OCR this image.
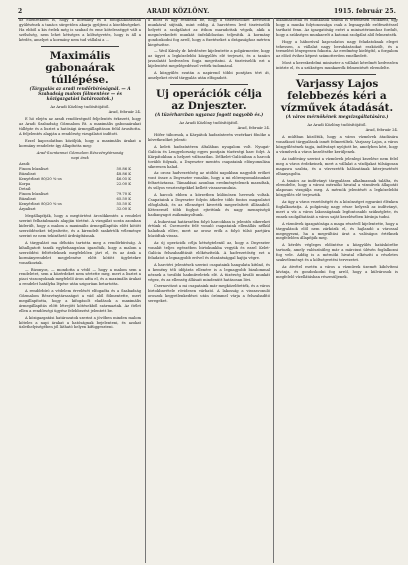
2	ARADI KÖZLÖNY.	1915. február 25.

az ellenrekben is, hogy a kormány és a főfoglalkozásúak gyűlésének a tanács sürgetően akarja gyűjteni a kisebbségeket. Ha ebből a kis érdek még is szabad és eme kötelességgé vált a szélsőség, nem lehet kétséges a költségvetés, hogy is áll a kérdés, amelyet a kormány nem tud vállalni a ...

Maximális gabonaárak túllépése.
(Tárgyalás az aradi rendőrbíróságnál. — A Szabadság malom fölmentése — és közigazgatási határozatok.)
Az Aradi Közlöny tudósítójától.
Arad, február 24.

E hó elején az aradi rendőrségnél feljelentés érkezett, hogy az Aradi Szabadság Gőzmalom Rt. a maximális gabonaárakat túllépte és a lisztet a hatósági ármegállapításon felül árusította. A feljelentés alapján a rendőrség vizsgálatot indított.

Ezzel kapcsolatban közöljük, hogy a maximális árakat a kormány rendelete így állapította meg:

Arad-Szentannai Gőzmalom Részvénytársaság
napi árak
Aradi:	
Finom búzaliszt	50.86 K
Búzaliszt	48.86 K
Kenyérliszt 80/20 %-os	46.05 K
Korpa	22.00 K
Detail:	
Finom búzaliszt	79.70 K
Búzaliszt	65.50 K
Kenyérliszt 80/20 %-os	55.50 K
Árpaliszt	32.00 K

Megállapítják, hogy a megtörtént árcsökkentés a rendelet szerint felhatalmazás alapján történt. A vizsgálat során azonban kiderült, hogy a malom a maximális ármegállapítás előtt kötött szerződéseket teljesítette, és a kirendelt szakértők véleménye szerint ez nem tekinthető árdrágításnak.

A tárgyalást ma délután tartotta meg a rendőrbíróság. A kihallgatott tanúk egybehangzóan igazolták, hogy a malom a szerződési feltételeknek megfelelően járt el, és az árak a kormányrendelet megjelenése előtt kötött ügyletekre vonatkoztak.

— Bizonyos, — mondotta a védő — hogy a malom sem a rendeletet, sem a közérdeket nem sértette meg, mert a lisztet a piaci viszonyoknak megfelelő áron adta el, és a maximális árakat a rendelet hatályba lépése után szigorúan betartotta.

A rendőrbíró a védelem érvelését elfogadta és a Szabadság Gőzmalom Részvénytársaságot a vád alól fölmentette, mert megállapította, hogy a kifogásolt eladások a maximális ármegállapítás előtt létrejött kötésekből származtak. Az ítélet ellen a rendőrségi ügyész felebbezést jelentett be.

A közigazgatási határozatok szerint a jövőben minden malom köteles a napi árakat a hatóságnak bejelenteni, és azokat üzlethelyiségében jól látható helyen kifüggeszteni.

a most is úgy rendezik be, hogy a tisztviselőket kevesebb munkával sújtsák, mint eddig. A harctéren levő tisztviselők helyett a szolgálatot az itthon maradottak végzik, akik a megnövekedett munkát önfeláldozóan teljesítik. A kormány gondoskodni fog arról, hogy a fizetéseket a drágasághoz mérten kiegészítse.

— Weil Károly dr. kérdésére kijelentette a polgármester, hogy az ügyet a legközelebbi közgyűlés elé terjeszti, és a tanács javaslatát kedvezően fogja megvitatni. A tisztviselők ezt a kijelentést megelégedéssel vették tudomásul.

A közgyűlés ezután a napirend többi pontjára tért át, amelyeket rövid tárgyalás után elfogadott.

Uj operációk célja az Dnjeszter.
(A tüzérharcban ugyanaz fogott nagyobb és.)
Az Aradi Közlöny tudósítójától.
Arad, február 24.

Höfer tábornok, a Kárpátok hadszínterén vezérkari főnöke a következőket jelenti:

A keleti hadszíntéren általában nyugalom volt. Nyugat-Galícia és Lengyelország egyes pontjain tüzérségi harc folyt. A Kárpátokban a helyzet változatlan. Délkelet-Galíciában a harcok tovább folynak, a Dnyeszter mentén csapataink előnyomulása sikeresen halad.

Az orosz hadvezetőség az utóbbi napokban nagyobb erőket vont össze a Dnyeszter vonalán, hogy a mi előrenyomulásunkat feltartóztassa. Támadásai azonban eredménytelenek maradtak, és súlyos veszteségekkel kellett visszavonulnia.

A harcok ebben a körzetben különösen hevesek voltak. Csapataink a Dnyeszter folyón átkelve több fontos magaslatot elfoglaltak, és az ellenséget kiverték megerősített állásaiból. Kétezernél több foglyot ejtettünk és nagy mennyiségű hadianyagot zsákmányoltunk.

A bukovinai határszélen folyó harcokban is jelentős sikereket értünk el. Csernovitz felé vonuló csapataink ellenállás nélkül haladnak előre, mert az orosz erők a folyó túlsó partjára húzódtak vissza.

Az új operációk célja kétségtelenül az, hogy a Dnyeszter vonalát teljes egészében birtokunkba vegyük és ezzel Kelet-Galícia felszabadítását előkészítsük. A hadvezetőség ezt a feladatot a legnagyobb erővel és elszántsággal hajtja végre.

A harctéri jelentések szerint csapataink hangulata kitűnő, és a kemény téli időjárás ellenére is a legnagyobb bizalommal néznek a további hadműveletek elé. A tüzérség kiváló munkát végez, és az ellenség állásait mindenütt hatásosan lövi.

Csernovitzot a mi csapataink már megközelítették, és a város birtokbavétele rövidesen várható. A lakosság a visszavonuló oroszok kegyetlenkedései után örömmel várja a felszabadító seregeket.

alkalmazottak és munkások száma is tetemesen csökkent, úgy hogy a munka folytonossága csak a legnagyobb erőfeszítéssel tartható fenn. Az igazgatóság ezért a minisztériumhoz fordult, hogy a szükséges munkaerőt a katonai szolgálat alól felmentsék.

Hogy a háborúval kapcsolatos nagy feladatoknak eleget tehessen, a vállalat nagy beruházásokat eszközölt, és a termelést lényegesen fokozta. Az eredmény kielégítő, a forgalom az előző évihez képest számottevően emelkedett.

Most a kereskedelmi miniszter a vállalat kérelmét kedvezően intézte el, és a szükséges munkaerők felmentését elrendelte.

Varjassy Lajos felebbezés kéri a vízművek átadását.
(A város mérnökének megvizsgáltatására.)
Az Aradi Közlöny tudósítójától.
Arad, február 24.

A múltban közöltük, hogy a város vízművek átadására vonatkozó tárgyalások ismét felmerültek. Varjassy Lajos, a város közgyűlésének tagja, indítványt nyújtott be, amelyben kéri, hogy a vízművek a város kezelésébe kerüljenek.

Az indítvány szerint a vízművek jelenlegi kezelése nem felel meg a város érdekeinek, mert a vállalat a vízdíjakat túlságosan magasra szabta, és a vízvezeték hálózatának kiterjesztését elhanyagolta.

A tanács az indítványt tárgyalásra alkalmasnak találta, és elrendelte, hogy a városi mérnöki hivatal a vízművek állapotát alaposan vizsgálja meg. A mérnök jelentését a legközelebbi közgyűlés elé terjesztik.

Az ügy a város vezetőségét és a közönséget egyaránt élénken foglalkoztatja. A polgárság nagy része helyesli az indítványt, mert a víz a város lakosságának legfontosabb szükséglete, és ennek szolgáltatását a város saját kezelésében kívánja tudni.

A vízművek igazgatósága a maga részéről kijelentette, hogy a tárgyalások elől nem zárkózik el, és hajlandó a várossal megegyezni, ha a megváltási árat a valóságos értéknek megfelelően állapítják meg.

A kérdés végleges eldöntése a közgyűlés hatáskörébe tartozik, amely valószínűleg már a márciusi ülésén foglalkozni fog vele. Addig is a mérnöki hivatal elkészíti a részletes szakvéleményt és a költségvetési tervezetet.

Az átvétel esetén a város a vízművek üzemét kibővíteni kívánja, és gondoskodni fog arról, hogy a külvárosok is megfelelő vízellátásban részesüljenek.
